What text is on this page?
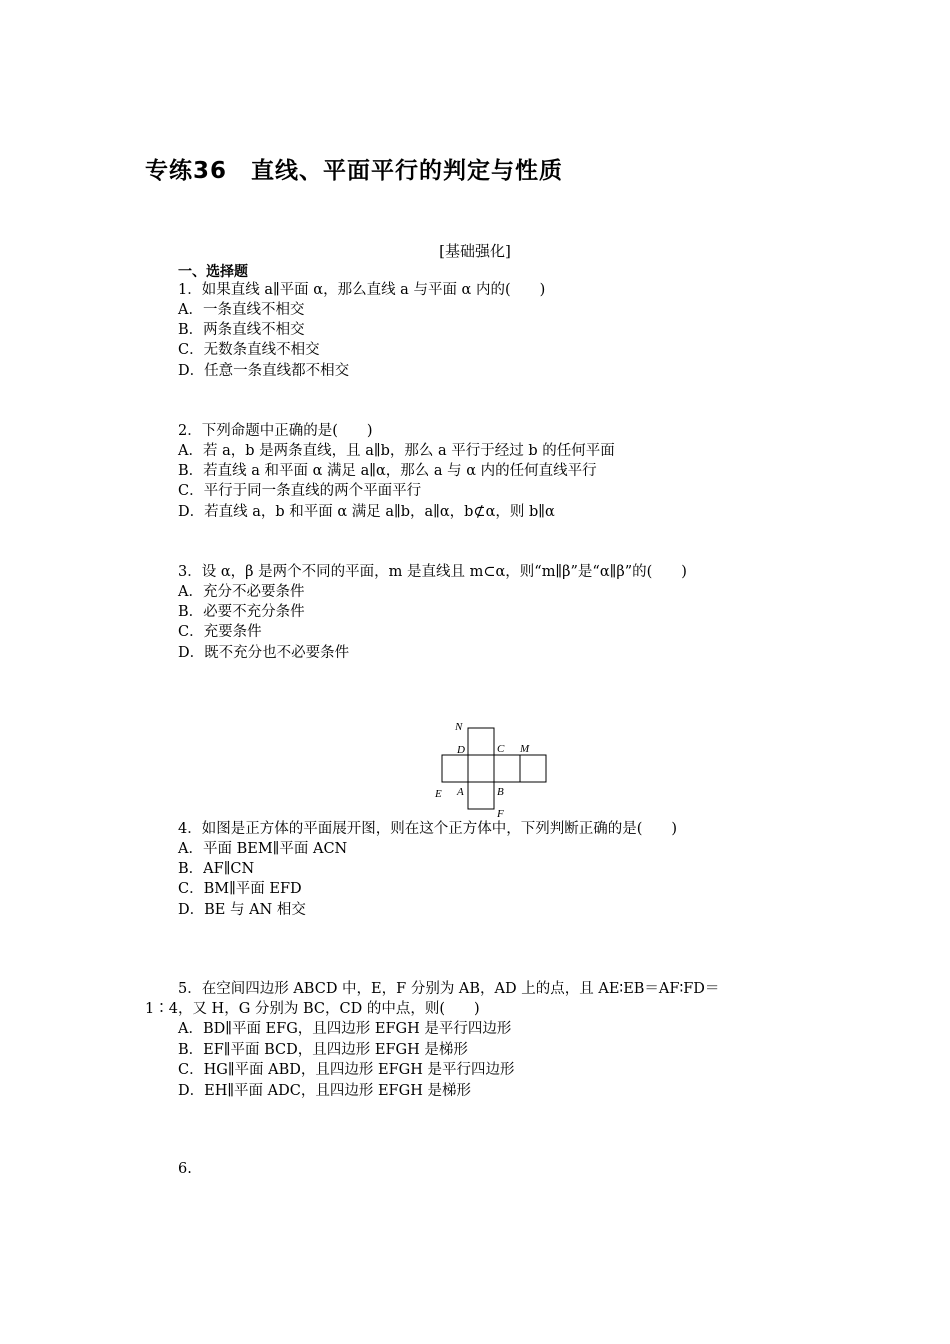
专练36　直线、平面平行的判定与性质
[基础强化]
一、选择题
1．如果直线 a∥平面 α，那么直线 a 与平面 α 内的(　　)
A．一条直线不相交
B．两条直线不相交
C．无数条直线不相交
D．任意一条直线都不相交
2．下列命题中正确的是(　　)
A．若 a，b 是两条直线，且 a∥b，那么 a 平行于经过 b 的任何平面
B．若直线 a 和平面 α 满足 a∥α，那么 a 与 α 内的任何直线平行
C．平行于同一条直线的两个平面平行
D．若直线 a，b 和平面 α 满足 a∥b，a∥α，b⊄α，则 b∥α
3．设 α，β 是两个不同的平面，m 是直线且 m⊂α，则“m∥β”是“α∥β”的(　　)
A．充分不必要条件
B．必要不充分条件
C．充要条件
D．既不充分也不必要条件
N
D	C M
E A	B
F
4．如图是正方体的平面展开图，则在这个正方体中，下列判断正确的是(　　)
A．平面 BEM∥平面 ACN
B．AF∥CN
C．BM∥平面 EFD
D．BE 与 AN 相交
5．在空间四边形 ABCD 中，E，F 分别为 AB，AD 上的点，且 AE∶EB＝AF∶FD＝
1∶4，又 H，G 分别为 BC，CD 的中点，则(　　)
A．BD∥平面 EFG，且四边形 EFGH 是平行四边形
B．EF∥平面 BCD，且四边形 EFGH 是梯形
C．HG∥平面 ABD，且四边形 EFGH 是平行四边形
D．EH∥平面 ADC，且四边形 EFGH 是梯形
6.
